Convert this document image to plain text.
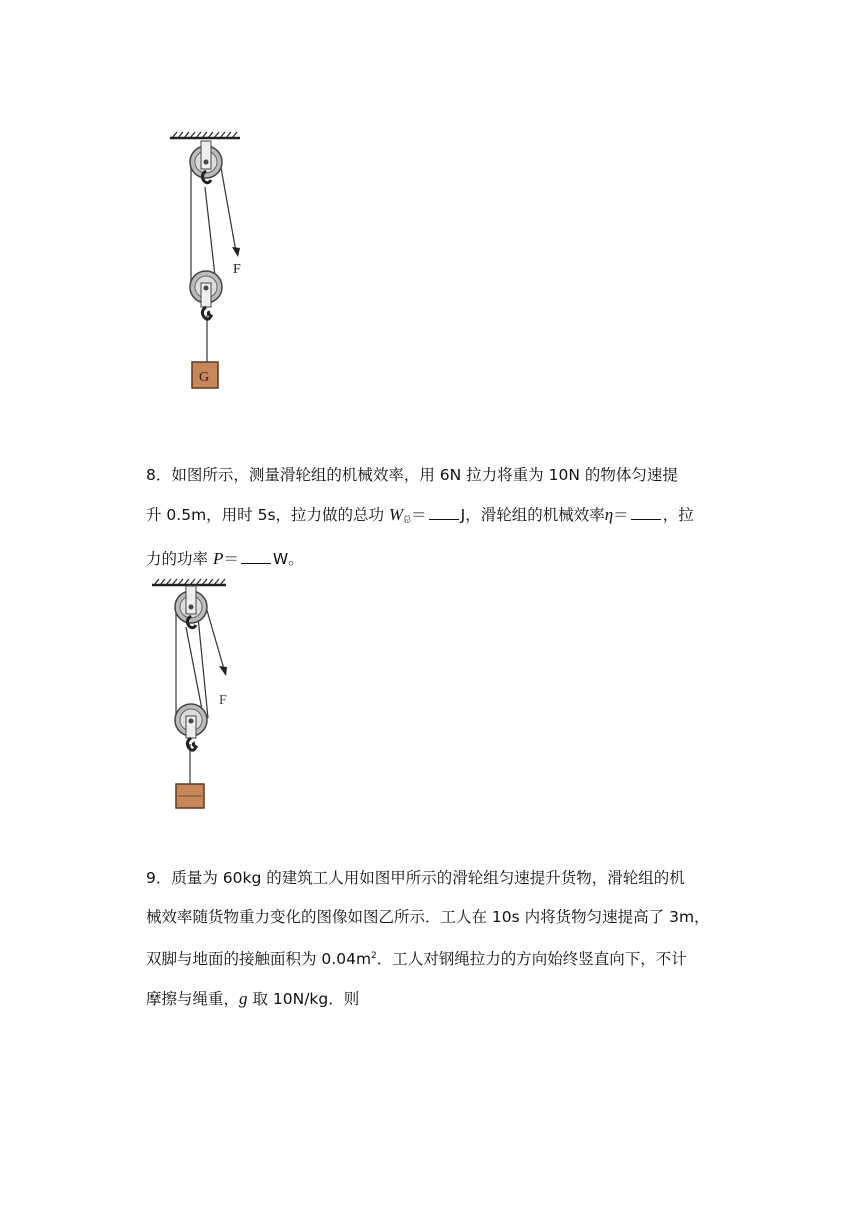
F
G

8．如图所示，测量滑轮组的机械效率，用 6N 拉力将重为 10N 的物体匀速提

升 0.5m，用时 5s，拉力做的总功 $W_总= J$，滑轮组的机械效率η＝ ，拉

力的功率 P＝ W。

F

9．质量为 60kg 的建筑工人用如图甲所示的滑轮组匀速提升货物，滑轮组的机

械效率随货物重力变化的图像如图乙所示．工人在 10s 内将货物匀速提高了 3m，

双脚与地面的接触面积为 $0.04m^2$．工人对钢绳拉力的方向始终竖直向下，不计

摩擦与绳重，g 取 10N/kg．则
